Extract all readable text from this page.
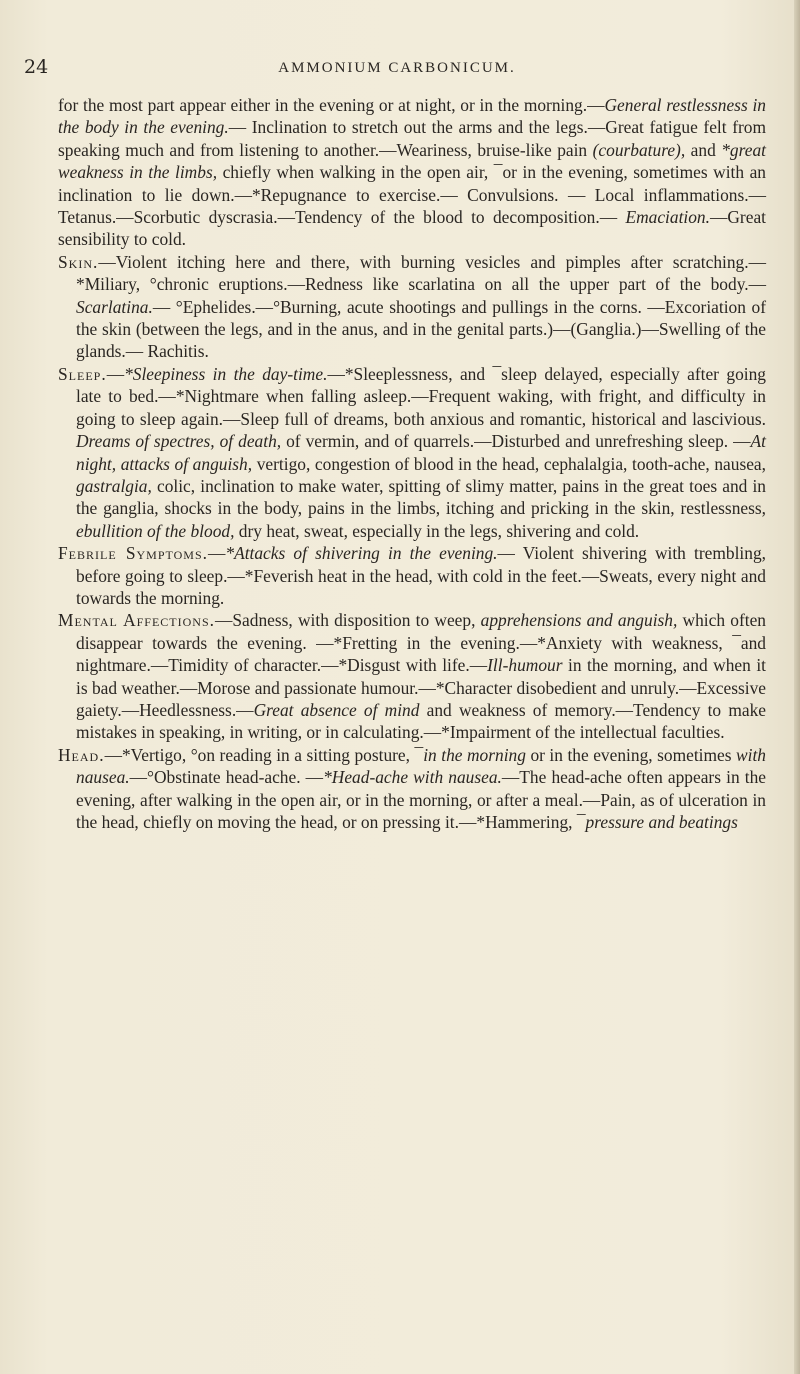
24	AMMONIUM CARBONICUM.

for the most part appear either in the evening or at night, or in the morning.—General restlessness in the body in the evening.— Inclination to stretch out the arms and the legs.—Great fatigue felt from speaking much and from listening to another.—Weariness, bruise-like pain (courbature), and *great weakness in the limbs, chiefly when walking in the open air, ¯or in the evening, sometimes with an inclination to lie down.—*Repugnance to exercise.— Convulsions. — Local inflammations.—Tetanus.—Scorbutic dyscrasia.—Tendency of the blood to decomposition.— Emaciation.—Great sensibility to cold.

Skin.—Violent itching here and there, with burning vesicles and pimples after scratching.—*Miliary, °chronic eruptions.—Redness like scarlatina on all the upper part of the body.—Scarlatina.— °Ephelides.—°Burning, acute shootings and pullings in the corns. —Excoriation of the skin (between the legs, and in the anus, and in the genital parts.)—(Ganglia.)—Swelling of the glands.— Rachitis.

Sleep.—*Sleepiness in the day-time.—*Sleeplessness, and ¯sleep delayed, especially after going late to bed.—*Nightmare when falling asleep.—Frequent waking, with fright, and difficulty in going to sleep again.—Sleep full of dreams, both anxious and romantic, historical and lascivious. Dreams of spectres, of death, of vermin, and of quarrels.—Disturbed and unrefreshing sleep. —At night, attacks of anguish, vertigo, congestion of blood in the head, cephalalgia, tooth-ache, nausea, gastralgia, colic, inclination to make water, spitting of slimy matter, pains in the great toes and in the ganglia, shocks in the body, pains in the limbs, itching and pricking in the skin, restlessness, ebullition of the blood, dry heat, sweat, especially in the legs, shivering and cold.

Febrile Symptoms.—*Attacks of shivering in the evening.— Violent shivering with trembling, before going to sleep.—*Feverish heat in the head, with cold in the feet.—Sweats, every night and towards the morning.

Mental Affections.—Sadness, with disposition to weep, apprehensions and anguish, which often disappear towards the evening. —*Fretting in the evening.—*Anxiety with weakness, ¯and nightmare.—Timidity of character.—*Disgust with life.—Ill-humour in the morning, and when it is bad weather.—Morose and passionate humour.—*Character disobedient and unruly.—Excessive gaiety.—Heedlessness.—Great absence of mind and weakness of memory.—Tendency to make mistakes in speaking, in writing, or in calculating.—*Impairment of the intellectual faculties.

Head.—*Vertigo, °on reading in a sitting posture, ¯in the morning or in the evening, sometimes with nausea.—°Obstinate head-ache. —*Head-ache with nausea.—The head-ache often appears in the evening, after walking in the open air, or in the morning, or after a meal.—Pain, as of ulceration in the head, chiefly on moving the head, or on pressing it.—*Hammering, ¯pressure and beatings
